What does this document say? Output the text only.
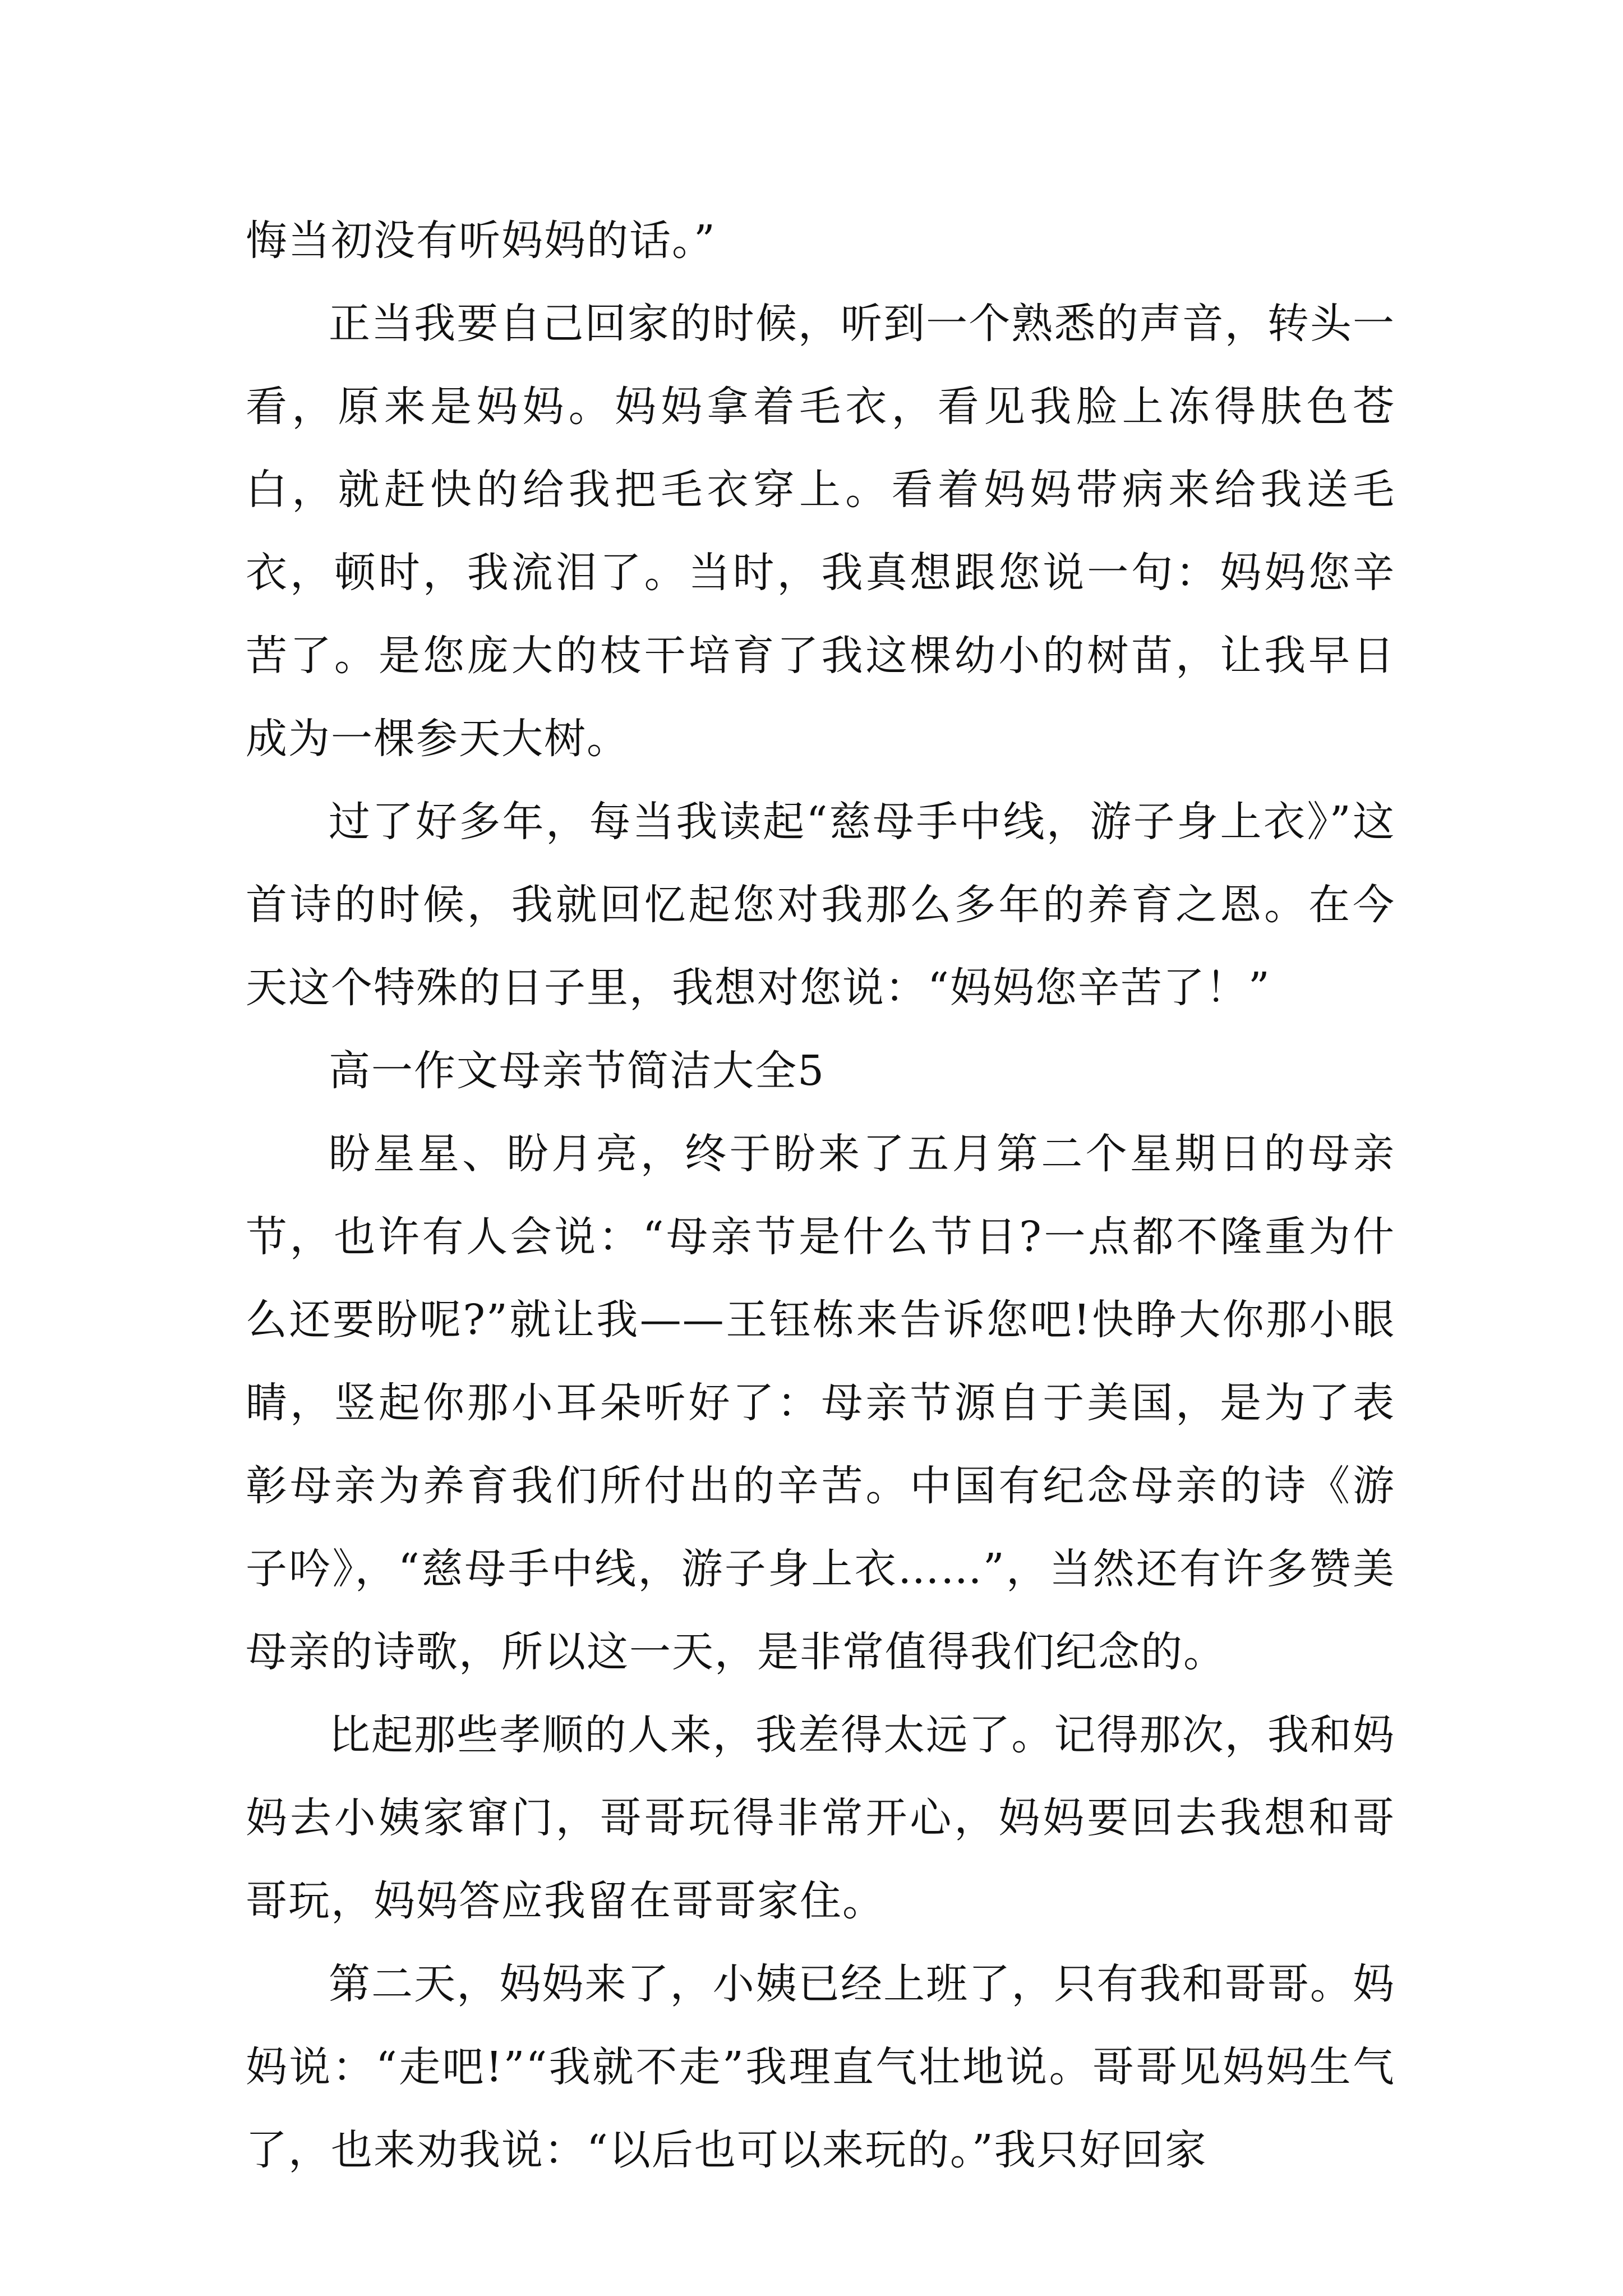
悔当初没有听妈妈的话。”

正当我要自己回家的时候，听到一个熟悉的声音，转头一看，原来是妈妈。妈妈拿着毛衣，看见我脸上冻得肤色苍白，就赶快的给我把毛衣穿上。看着妈妈带病来给我送毛衣，顿时，我流泪了。当时，我真想跟您说一句：妈妈您辛苦了。是您庞大的枝干培育了我这棵幼小的树苗，让我早日成为一棵参天大树。

过了好多年，每当我读起“慈母手中线，游子身上衣》”这首诗的时候，我就回忆起您对我那么多年的养育之恩。在今天这个特殊的日子里，我想对您说：“妈妈您辛苦了！”

高一作文母亲节简洁大全5

盼星星、盼月亮，终于盼来了五月第二个星期日的母亲节，也许有人会说：“母亲节是什么节日?一点都不隆重为什么还要盼呢?”就让我——王钰栋来告诉您吧!快睁大你那小眼睛，竖起你那小耳朵听好了：母亲节源自于美国，是为了表彰母亲为养育我们所付出的辛苦。中国有纪念母亲的诗《游子吟》，“慈母手中线，游子身上衣……”，当然还有许多赞美母亲的诗歌，所以这一天，是非常值得我们纪念的。

比起那些孝顺的人来，我差得太远了。记得那次，我和妈妈去小姨家窜门，哥哥玩得非常开心，妈妈要回去我想和哥哥玩，妈妈答应我留在哥哥家住。

第二天，妈妈来了，小姨已经上班了，只有我和哥哥。妈妈说：“走吧!”“我就不走”我理直气壮地说。哥哥见妈妈生气了，也来劝我说：“以后也可以来玩的。”我只好回家
